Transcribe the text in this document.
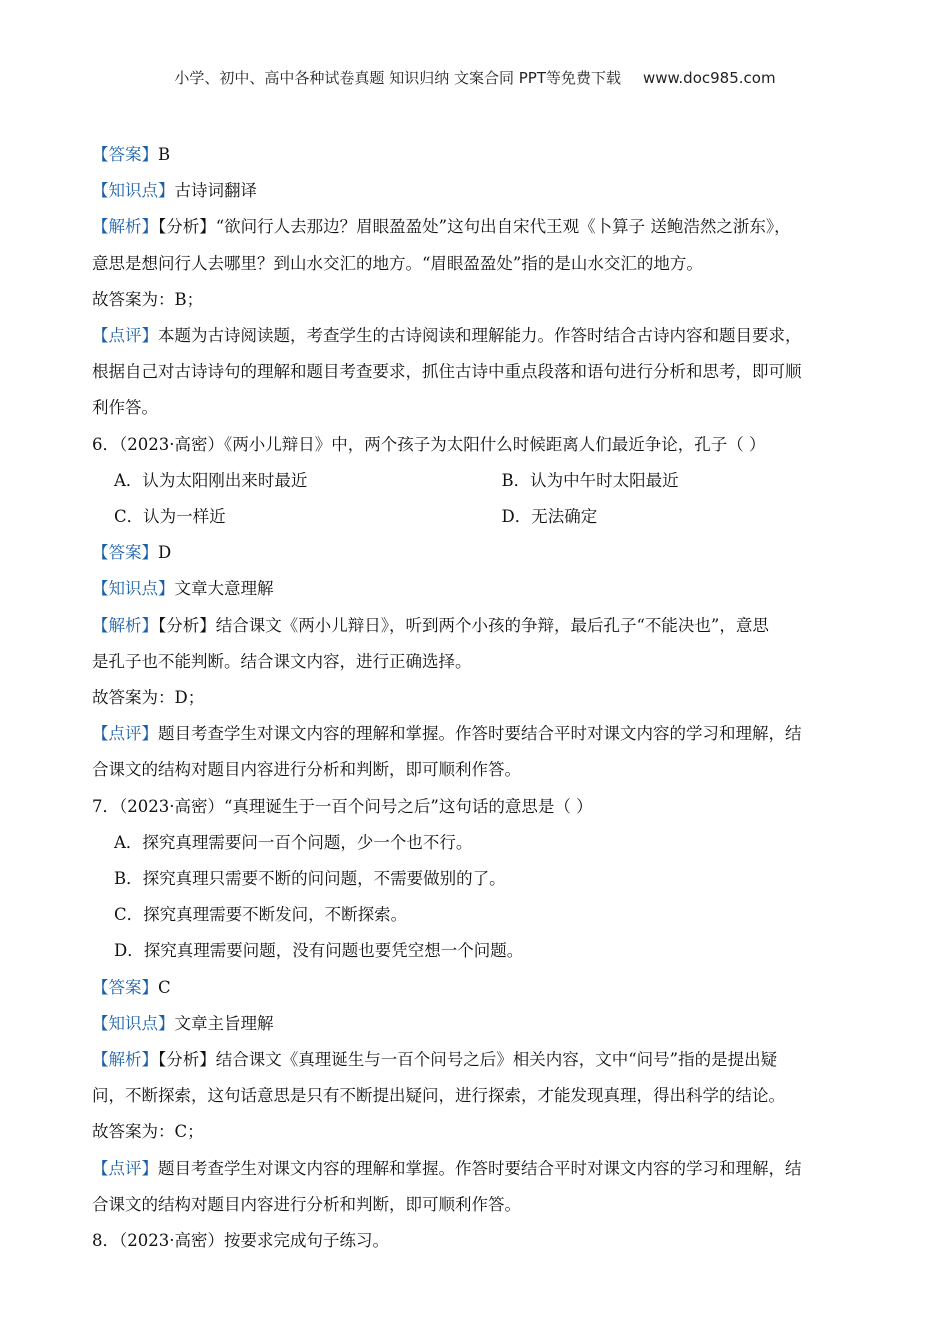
小学、初中、高中各种试卷真题 知识归纳 文案合同 PPT等免费下载 www.doc985.com
【答案】B
【知识点】古诗词翻译
【解析】【分析】“欲问行人去那边？眉眼盈盈处”这句出自宋代王观《卜算子 送鲍浩然之浙东》，
意思是想问行人去哪里？到山水交汇的地方。“眉眼盈盈处”指的是山水交汇的地方。
故答案为：B；
【点评】本题为古诗阅读题，考查学生的古诗阅读和理解能力。作答时结合古诗内容和题目要求，
根据自己对古诗诗句的理解和题目考查要求，抓住古诗中重点段落和语句进行分析和思考，即可顺
利作答。
6．（2023·高密）《两小儿辩日》中，两个孩子为太阳什么时候距离人们最近争论，孔子（ ）
A．认为太阳刚出来时最近	B．认为中午时太阳最近
C．认为一样近	D．无法确定
【答案】D
【知识点】文章大意理解
【解析】【分析】结合课文《两小儿辩日》，听到两个小孩的争辩，最后孔子“不能决也”，意思
是孔子也不能判断。结合课文内容，进行正确选择。
故答案为：D；
【点评】题目考查学生对课文内容的理解和掌握。作答时要结合平时对课文内容的学习和理解，结
合课文的结构对题目内容进行分析和判断，即可顺利作答。
7．（2023·高密）“真理诞生于一百个问号之后”这句话的意思是（ ）
A．探究真理需要问一百个问题，少一个也不行。
B．探究真理只需要不断的问问题，不需要做别的了。
C．探究真理需要不断发问，不断探索。
D．探究真理需要问题，没有问题也要凭空想一个问题。
【答案】C
【知识点】文章主旨理解
【解析】【分析】结合课文《真理诞生与一百个问号之后》相关内容，文中“问号”指的是提出疑
问，不断探索，这句话意思是只有不断提出疑问，进行探索，才能发现真理，得出科学的结论。
故答案为：C；
【点评】题目考查学生对课文内容的理解和掌握。作答时要结合平时对课文内容的学习和理解，结
合课文的结构对题目内容进行分析和判断，即可顺利作答。
8．（2023·高密）按要求完成句子练习。
